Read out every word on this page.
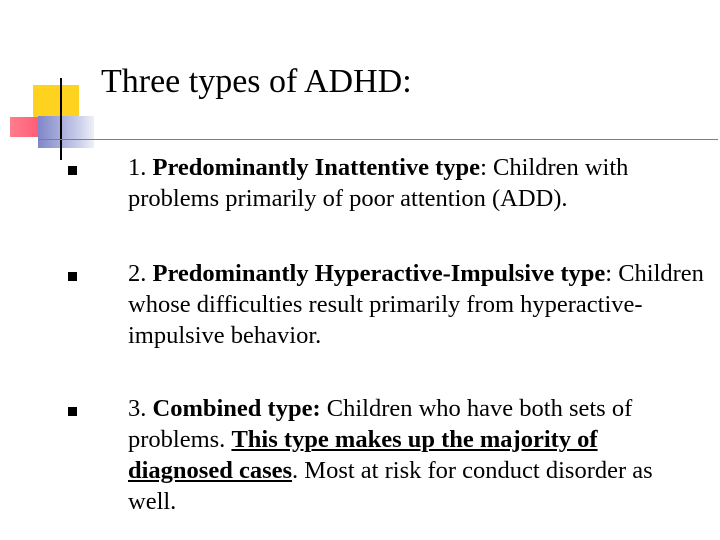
Three types of ADHD:
1. Predominantly Inattentive type: Children with problems primarily of poor attention (ADD).
2. Predominantly Hyperactive-Impulsive type: Children whose difficulties result primarily from hyperactive-impulsive behavior.
3. Combined type: Children who have both sets of problems. This type makes up the majority of diagnosed cases. Most at risk for conduct disorder as well.
